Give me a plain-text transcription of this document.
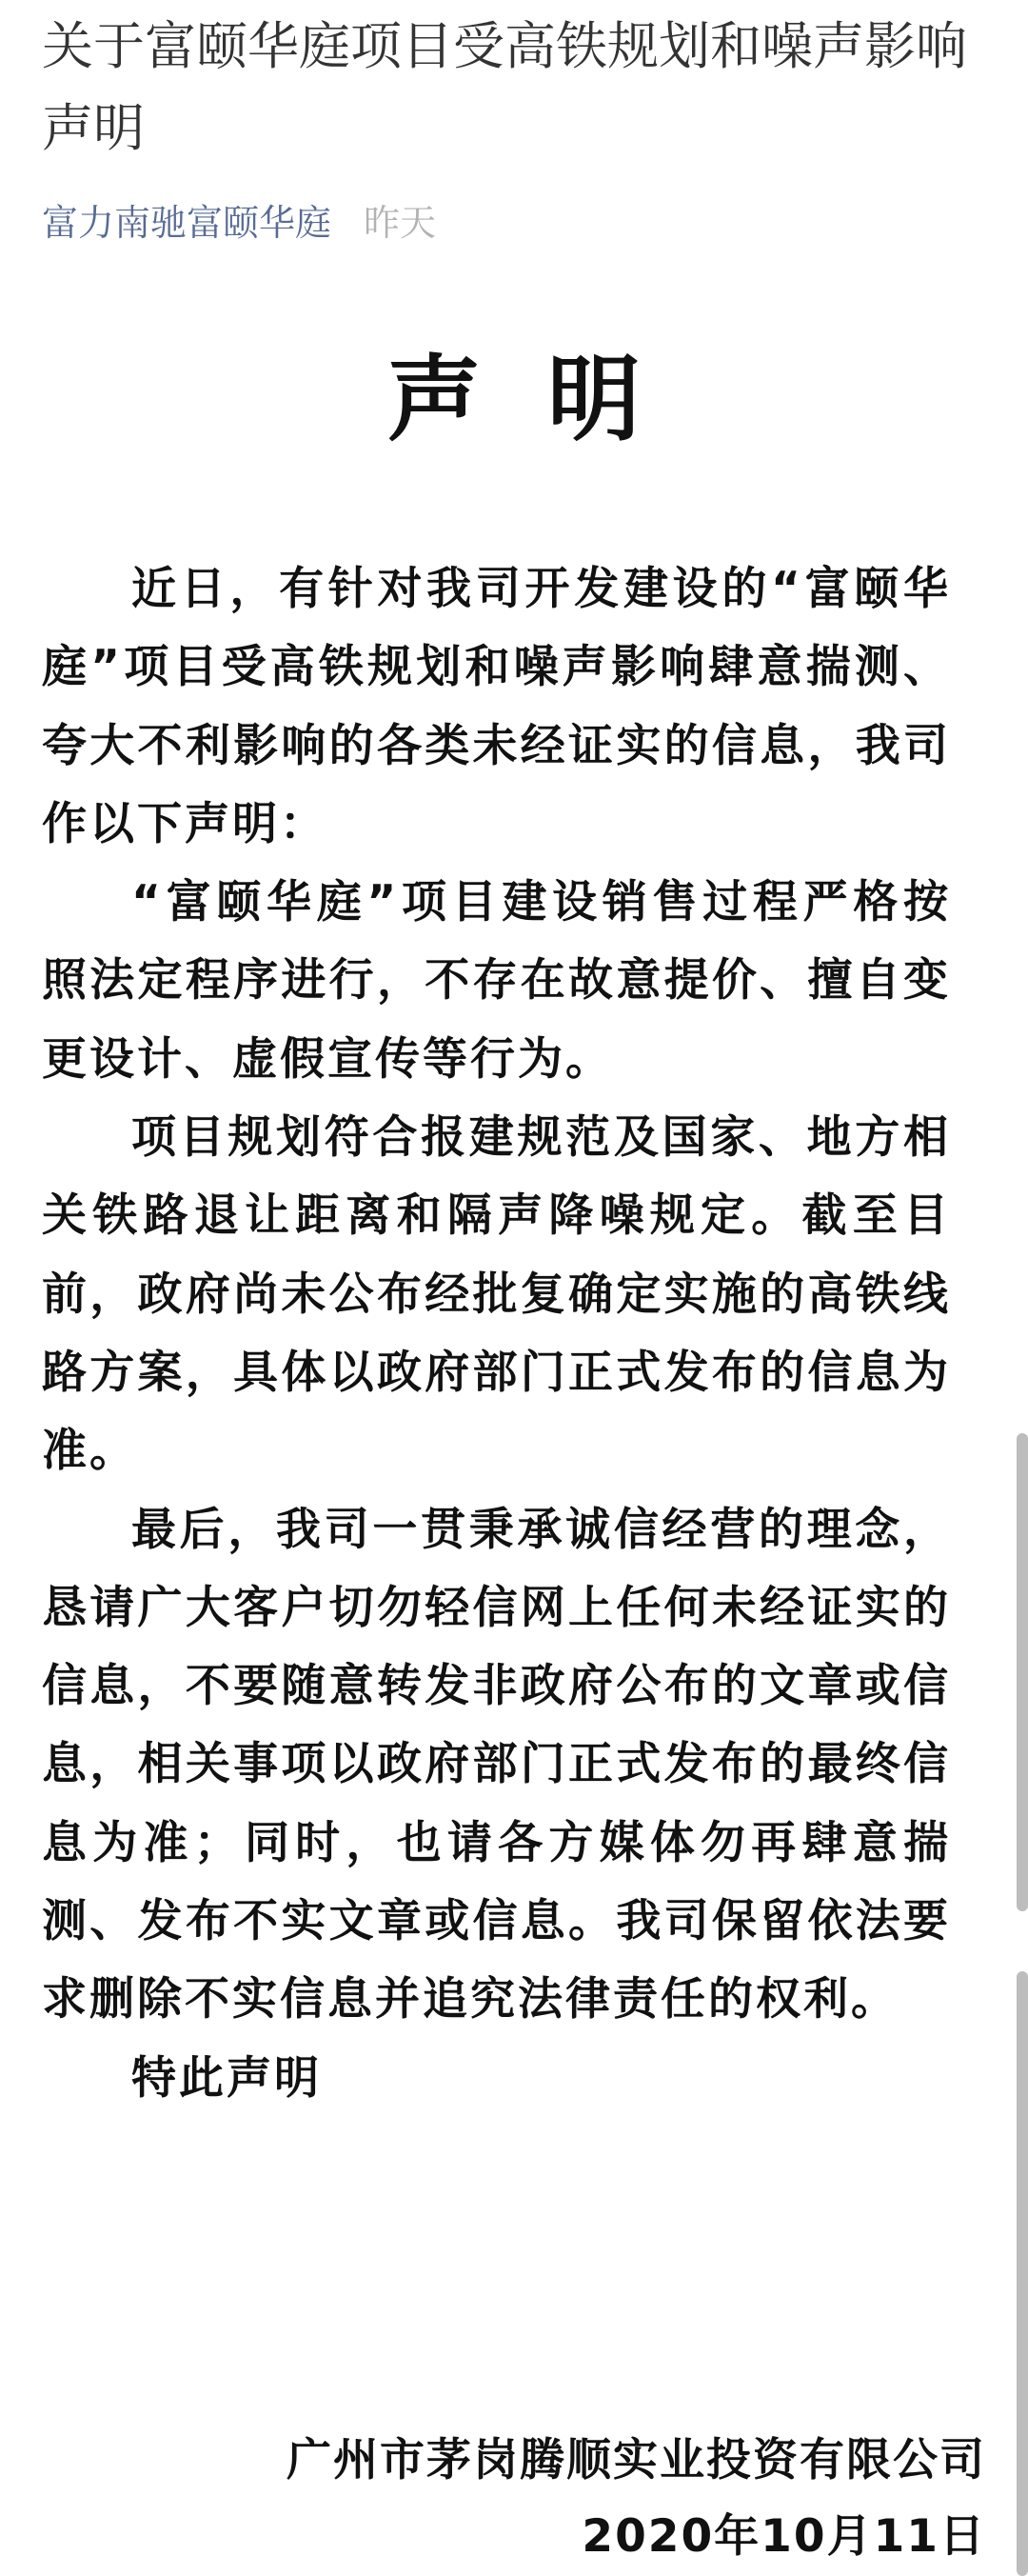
关于富颐华庭项目受高铁规划和噪声影响声明
富力南驰富颐华庭 昨天
声明

近日，有针对我司开发建设的“富颐华庭”项目受高铁规划和噪声影响肆意揣测、夸大不利影响的各类未经证实的信息，我司作以下声明：

“富颐华庭”项目建设销售过程严格按照法定程序进行，不存在故意提价、擅自变更设计、虚假宣传等行为。

项目规划符合报建规范及国家、地方相关铁路退让距离和隔声降噪规定。截至目前，政府尚未公布经批复确定实施的高铁线路方案，具体以政府部门正式发布的信息为准。

最后，我司一贯秉承诚信经营的理念，恳请广大客户切勿轻信网上任何未经证实的信息，不要随意转发非政府公布的文章或信息，相关事项以政府部门正式发布的最终信息为准；同时，也请各方媒体勿再肆意揣测、发布不实文章或信息。我司保留依法要求删除不实信息并追究法律责任的权利。

特此声明

广州市茅岗腾顺实业投资有限公司
2020年10月11日
